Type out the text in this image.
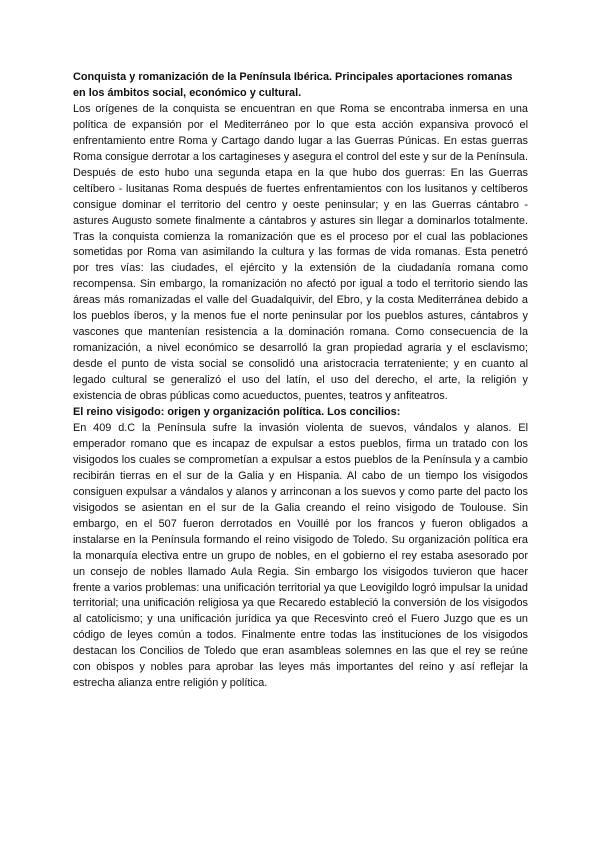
Conquista y romanización de la Península Ibérica. Principales aportaciones romanas en los ámbitos social, económico y cultural.

Los orígenes de la conquista se encuentran en que Roma se encontraba inmersa en una política de expansión por el Mediterráneo por lo que esta acción expansiva provocó el enfrentamiento entre Roma y Cartago dando lugar a las Guerras Púnicas. En estas guerras Roma consigue derrotar a los cartagineses y asegura el control del este y sur de la Península. Después de esto hubo una segunda etapa en la que hubo dos guerras: En las Guerras celtíbero - lusitanas Roma después de fuertes enfrentamientos con los lusitanos y celtíberos consigue dominar el territorio del centro y oeste peninsular; y en las Guerras cántabro - astures Augusto somete finalmente a cántabros y astures sin llegar a dominarlos totalmente. Tras la conquista comienza la romanización que es el proceso por el cual las poblaciones sometidas por Roma van asimilando la cultura y las formas de vida romanas. Esta penetró por tres vías: las ciudades, el ejército y la extensión de la ciudadanía romana como recompensa. Sin embargo, la romanización no afectó por igual a todo el territorio siendo las áreas más romanizadas el valle del Guadalquivir, del Ebro, y la costa Mediterránea debido a los pueblos íberos, y la menos fue el norte peninsular por los pueblos astures, cántabros y vascones que mantenían resistencia a la dominación romana. Como consecuencia de la romanización, a nivel económico se desarrolló la gran propiedad agraria y el esclavismo; desde el punto de vista social se consolidó una aristocracia terrateniente; y en cuanto al legado cultural se generalizó el uso del latín, el uso del derecho, el arte, la religión y existencia de obras públicas como acueductos, puentes, teatros y anfiteatros.

El reino visigodo: origen y organización política. Los concilios:

En 409 d.C la Península sufre la invasión violenta de suevos, vándalos y alanos. El emperador romano que es incapaz de expulsar a estos pueblos, firma un tratado con los visigodos los cuales se comprometían a expulsar a estos pueblos de la Península y a cambio recibirán tierras en el sur de la Galia y en Hispania. Al cabo de un tiempo los visigodos consiguen expulsar a vándalos y alanos y arrinconan a los suevos y como parte del pacto los visigodos se asientan en el sur de la Galia creando el reino visigodo de Toulouse. Sin embargo, en el 507 fueron derrotados en Vouillé por los francos y fueron obligados a instalarse en la Península formando el reino visigodo de Toledo. Su organización política era la monarquía electiva entre un grupo de nobles, en el gobierno el rey estaba asesorado por un consejo de nobles llamado Aula Regia. Sin embargo los visigodos tuvieron que hacer frente a varios problemas: una unificación territorial ya que Leovigildo logró impulsar la unidad territorial; una unificación religiosa ya que Recaredo estableció la conversión de los visigodos al catolicismo; y una unificación jurídica ya que Recesvinto creó el Fuero Juzgo que es un código de leyes común a todos. Finalmente entre todas las instituciones de los visigodos destacan los Concilios de Toledo que eran asambleas solemnes en las que el rey se reúne con obispos y nobles para aprobar las leyes más importantes del reino y así reflejar la estrecha alianza entre religión y política.
